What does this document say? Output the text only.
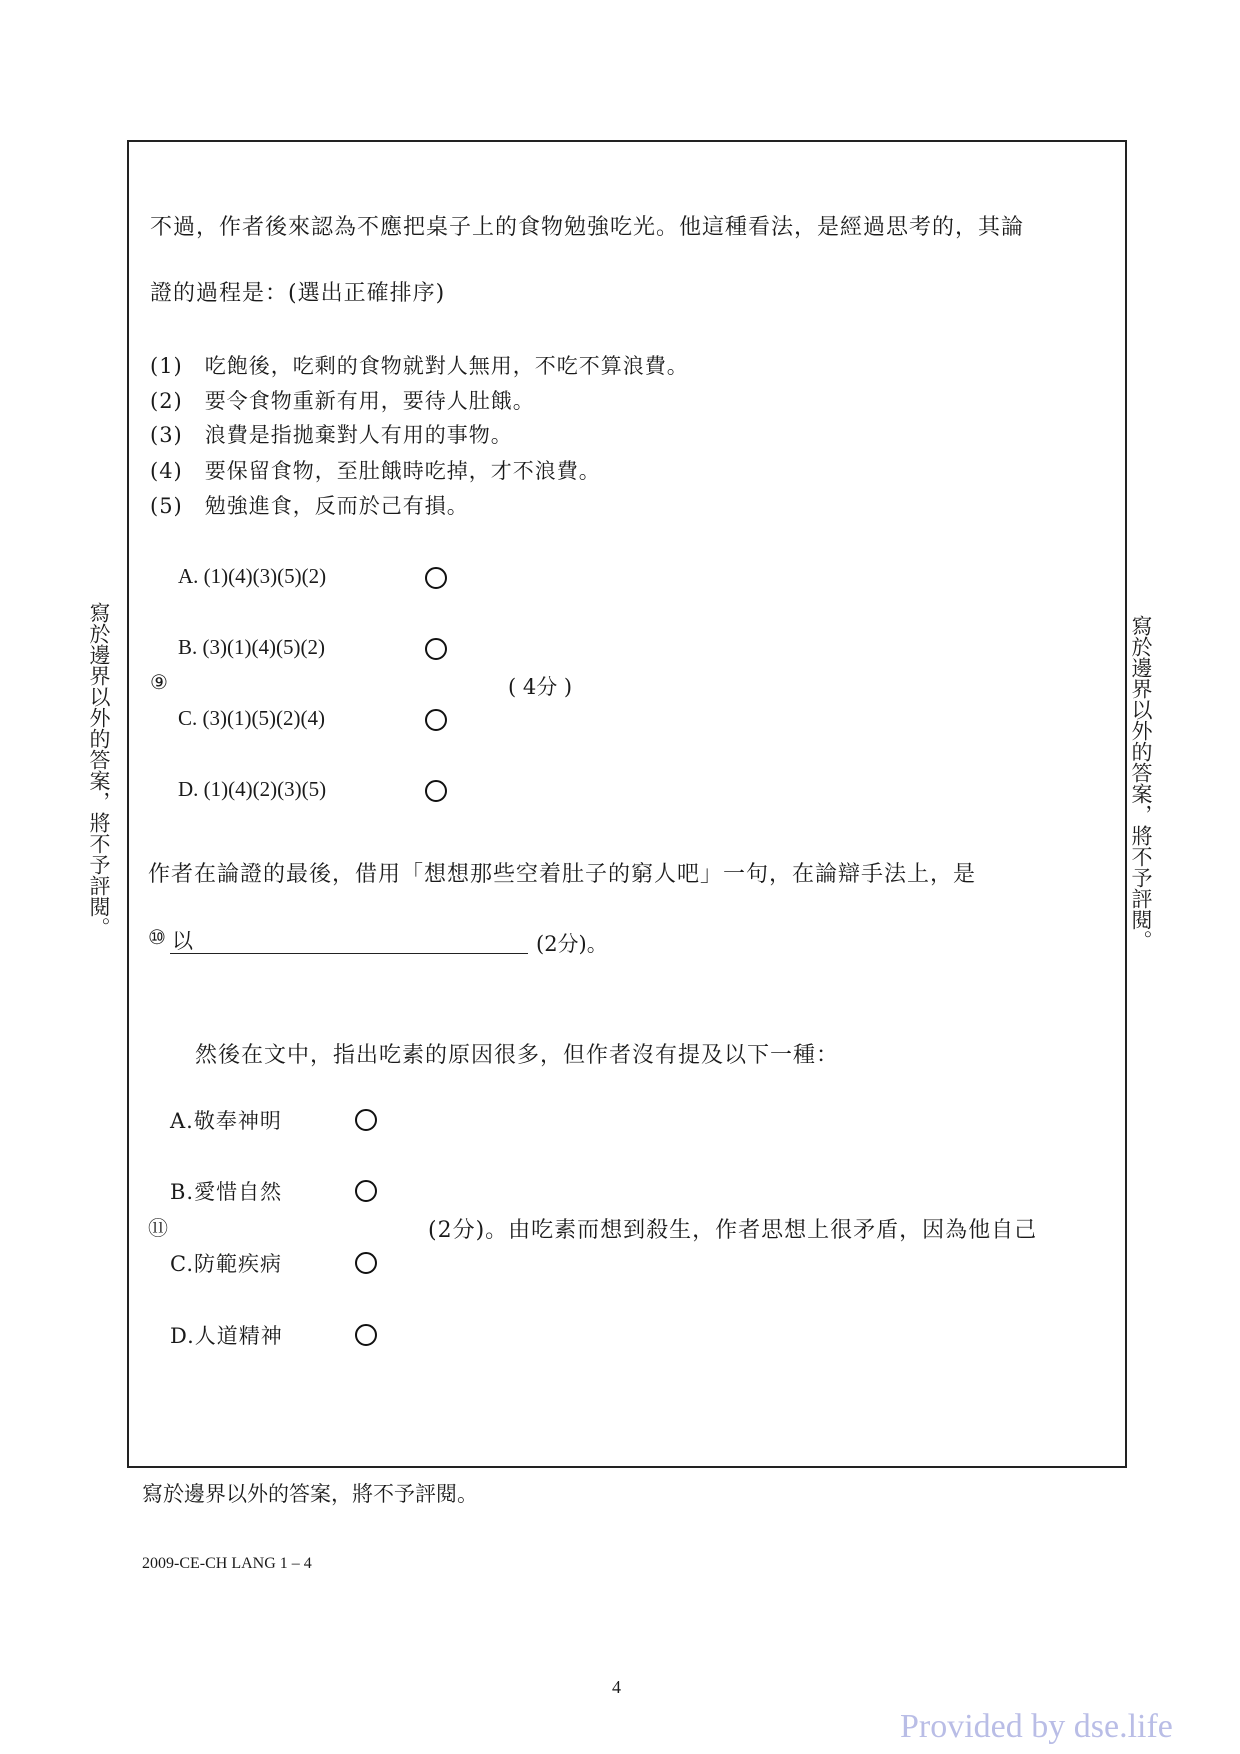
寫於邊界以外的答案，將不予評閱。	寫於邊界以外的答案，將不予評閱。
不過，作者後來認為不應把桌子上的食物勉強吃光。他這種看法，是經過思考的，其論
證的過程是：(選出正確排序)
(1)　吃飽後，吃剩的食物就對人無用，不吃不算浪費。
(2)　要令食物重新有用，要待人肚餓。
(3)　浪費是指拋棄對人有用的事物。
(4)　要保留食物，至肚餓時吃掉，才不浪費。
(5)　勉強進食，反而於己有損。
A. (1)(4)(3)(5)(2)
B. (3)(1)(4)(5)(2)
C. (3)(1)(5)(2)(4)
D. (1)(4)(2)(3)(5)
⑨	( 4分 )
作者在論證的最後，借用「想想那些空着肚子的窮人吧」一句，在論辯手法上，是
⑩ 以	(2分)。
然後在文中，指出吃素的原因很多，但作者沒有提及以下一種：
A.敬奉神明
B.愛惜自然
C.防範疾病
D.人道精神
⑪	(2分)。由吃素而想到殺生，作者思想上很矛盾，因為他自己
寫於邊界以外的答案，將不予評閱。
2009-CE-CH LANG 1 – 4
4
Provided by dse.life
